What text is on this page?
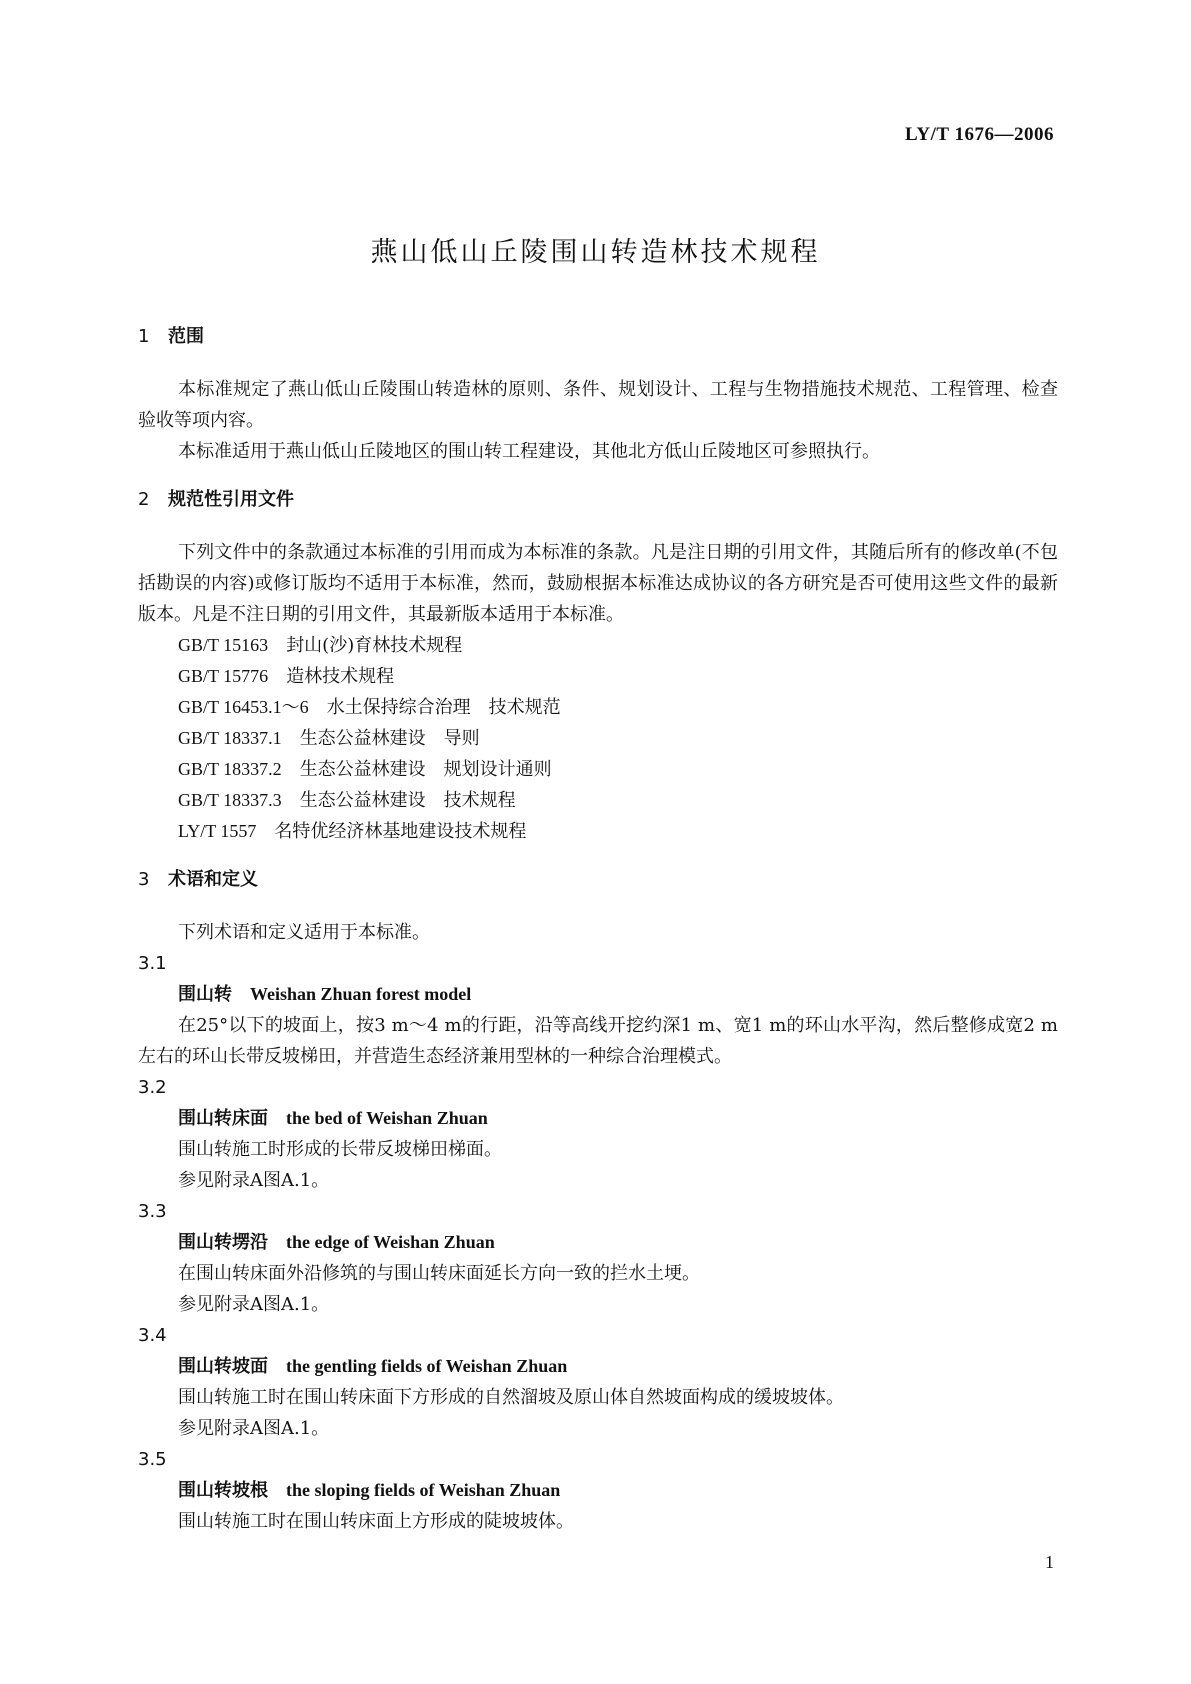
LY/T 1676—2006
燕山低山丘陵围山转造林技术规程
1 范围

本标准规定了燕山低山丘陵围山转造林的原则、条件、规划设计、工程与生物措施技术规范、工程管理、检查验收等项内容。

本标准适用于燕山低山丘陵地区的围山转工程建设，其他北方低山丘陵地区可参照执行。

2 规范性引用文件

下列文件中的条款通过本标准的引用而成为本标准的条款。凡是注日期的引用文件，其随后所有的修改单(不包括勘误的内容)或修订版均不适用于本标准，然而，鼓励根据本标准达成协议的各方研究是否可使用这些文件的最新版本。凡是不注日期的引用文件，其最新版本适用于本标准。

GB/T 15163 封山(沙)育林技术规程
GB/T 15776 造林技术规程
GB/T 16453.1～6 水土保持综合治理　技术规范
GB/T 18337.1 生态公益林建设　导则
GB/T 18337.2 生态公益林建设　规划设计通则
GB/T 18337.3 生态公益林建设　技术规程
LY/T 1557 名特优经济林基地建设技术规程
3 术语和定义

下列术语和定义适用于本标准。

3.1
围山转 Weishan Zhuan forest model

在25°以下的坡面上，按3 m～4 m的行距，沿等高线开挖约深1 m、宽1 m的环山水平沟，然后整修成宽2 m左右的环山长带反坡梯田，并营造生态经济兼用型林的一种综合治理模式。

3.2
围山转床面 the bed of Weishan Zhuan

围山转施工时形成的长带反坡梯田梯面。

参见附录A图A.1。

3.3
围山转塄沿 the edge of Weishan Zhuan

在围山转床面外沿修筑的与围山转床面延长方向一致的拦水土埂。

参见附录A图A.1。

3.4
围山转坡面 the gentling fields of Weishan Zhuan

围山转施工时在围山转床面下方形成的自然溜坡及原山体自然坡面构成的缓坡坡体。

参见附录A图A.1。

3.5
围山转坡根 the sloping fields of Weishan Zhuan

围山转施工时在围山转床面上方形成的陡坡坡体。

1
